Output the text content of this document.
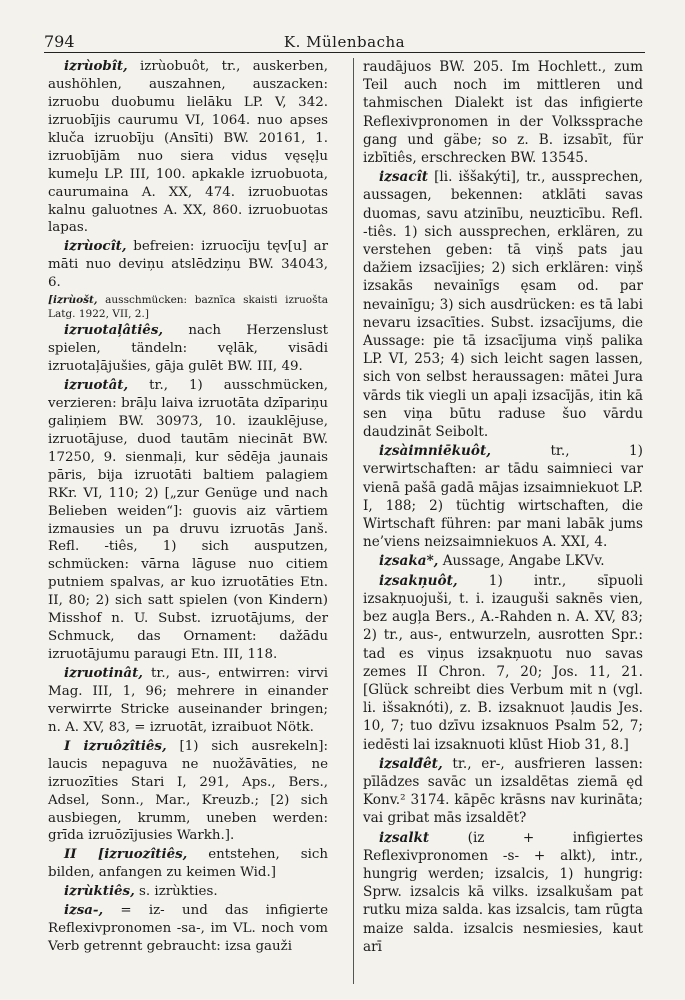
794	K. Mülenbacha

izrùobît, izrùobuôt, tr., auskerben, aushöhlen, auszahnen, auszacken: izruobu duobumu lielāku LP. V, 342. izruobījis caurumu VI, 1064. nuo apses kluča izruobīju (Ansīti) BW. 20161, 1. izruobījām nuo siera vidus vęsęļu kumeļu LP. III, 100. apkakle izruobuota, caurumaina A. XX, 474. izruobuotas kalnu galuotnes A. XX, 860. izruobuotas lapas.

izrùocît, befreien: izruocīju tęv[u] ar māti nuo deviņu atslēdziņu BW. 34043, 6.

[izrùošt, ausschmücken: baznīca skaisti izruošta Latg. 1922, VII, 2.]

izruotaļâtiês, nach Herzenslust spielen, tändeln: vęlāk, visādi izruotaļājušies, gāja gulēt BW. III, 49.

izruotât, tr., 1) ausschmücken, verzieren: brāļu laiva izruotāta dzīpariņu galiņiem BW. 30973, 10. izauklējuse, izruotājuse, duod tautām niecināt BW. 17250, 9. sienmaļi, kur sēdēja jaunais pāris, bija izruotāti baltiem palagiem RKr. VI, 110; 2) [„zur Genüge und nach Belieben weiden“]: guovis aiz vārtiem izmausies un pa druvu izruotās Janš. Refl. -tiês, 1) sich ausputzen, schmücken: vārna lāguse nuo citiem putniem spalvas, ar kuo izruotāties Etn. II, 80; 2) sich satt spielen (von Kindern) Misshof n. U. Subst. izruotājums, der Schmuck, das Ornament: dažādu izruotājumu paraugi Etn. III, 118.

izruotinât, tr., aus-, entwirren: virvi Mag. III, 1, 96; mehrere in einander verwirrte Stricke auseinander bringen; n. A. XV, 83, = izruotāt, izraibuot Nötk.

I izruôzîtiês, [1) sich ausrekeln]: laucis nepaguva ne nuožāvāties, ne izruozīties Stari I, 291, Aps., Bers., Adsel, Sonn., Mar., Kreuzb.; [2) sich ausbiegen, krumm, uneben werden: grīda izruōzījusies Warkh.].

II [izruozîtiês, entstehen, sich bilden, anfangen zu keimen Wid.]

izrùktiês, s. izrùkties.

izsa-, = iz- und das infigierte Reflexivpronomen -sa-, im VL. noch vom Verb getrennt gebraucht: izsa gauži

raudājuos BW. 205. Im Hochlett., zum Teil auch noch im mittleren und tahmischen Dialekt ist das infigierte Reflexivpronomen in der Volkssprache gang und gäbe; so z. B. izsabīt, für izbītiês, erschrecken BW. 13545.

izsacît [li. iššakýti], tr., aussprechen, aussagen, bekennen: atklāti savas duomas, savu atzinību, neuzticību. Refl. -tiês. 1) sich aussprechen, erklären, zu verstehen geben: tā viņš pats jau dažiem izsacījies; 2) sich erklären: viņš izsakās nevainīgs ęsam od. par nevainīgu; 3) sich ausdrücken: es tā labi nevaru izsacīties. Subst. izsacījums, die Aussage: pie tā izsacījuma viņš palika LP. VI, 253; 4) sich leicht sagen lassen, sich von selbst heraussagen: mātei Jura vārds tik viegli un apaļi izsacījās, itin kā sen viņa būtu raduse šuo vārdu daudzināt Seibolt.

izsàimniēkuôt, tr., 1) verwirtschaften: ar tādu saimnieci var vienā pašā gadā mājas izsaimniekuot LP. I, 188; 2) tüchtig wirtschaften, die Wirtschaft führen: par mani labāk jums ne’viens neizsaimniekuos A. XXI, 4.

izsaka*, Aussage, Angabe LKVv.

izsakņuôt, 1) intr., sīpuoli izsakņuojuši, t. i. izauguši saknēs vien, bez augļa Bers., A.-Rahden n. A. XV, 83; 2) tr., aus-, entwurzeln, ausrotten Spr.: tad es viņus izsakņuotu nuo savas zemes II Chron. 7, 20; Jos. 11, 21. [Glück schreibt dies Verbum mit n (vgl. li. išsaknóti), z. B. izsaknuot ļaudis Jes. 10, 7; tuo dzīvu izsaknuos Psalm 52, 7; iedēsti lai izsaknuoti klūst Hiob 31, 8.]

izsalđêt, tr., er-, ausfrieren lassen: pīlādzes savāc un izsaldētas ziemā ęd Konv.² 3174. kāpēc krāsns nav kurināta; vai gribat mās izsaldēt?

izsalkt (iz + infigiertes Reflexivpronomen -s- + alkt), intr., hungrig werden; izsalcis, 1) hungrig: Sprw. izsalcis kā vilks. izsalkušam pat rutku miza salda. kas izsalcis, tam rūgta maize salda. izsalcis nesmiesies, kaut arī
